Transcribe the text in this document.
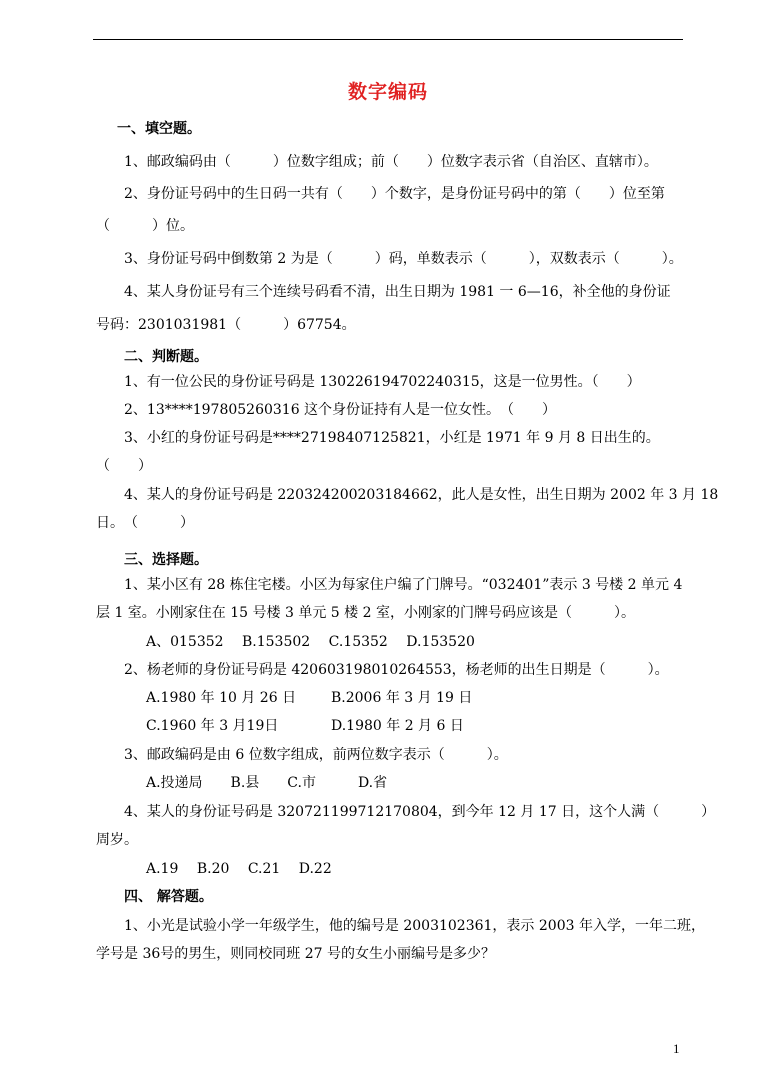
数字编码
一、填空题。
1、邮政编码由（　　　）位数字组成；前（　　）位数字表示省（自治区、直辖市）。
2、身份证号码中的生日码一共有（　　）个数字，是身份证号码中的第（　　）位至第
（　　　）位。
3、身份证号码中倒数第 2 为是（　　　）码，单数表示（　　　），双数表示（　　　）。
4、某人身份证号有三个连续号码看不清，出生日期为 1981 一 6—16，补全他的身份证
号码：2301031981（　　　）67754。
二、判断题。
1、有一位公民的身份证号码是 130226194702240315，这是一位男性。（　　）
2、13****197805260316 这个身份证持有人是一位女性。　（　　）
3、小红的身份证号码是****27198407125821，小红是 1971 年 9 月 8 日出生的。
（　　）
4、某人的身份证号码是 220324200203184662，此人是女性，出生日期为 2002 年 3 月 18
日。　（　　　）
三、选择题。
1、某小区有 28 栋住宅楼。小区为每家住户编了门牌号。“032401”表示 3 号楼 2 单元 4
层 1 室。小刚家住在 15 号楼 3 单元 5 楼 2 室，小刚家的门牌号码应该是（　　　）。
A、015352　 B.153502　 C.15352　 D.153520
2、杨老师的身份证号码是 420603198010264553，杨老师的出生日期是（　　　）。
A.1980 年 10 月 26 日 B.2006 年 3 月 19 日
C.1960 年 3 月19日	D.1980 年 2 月 6 日
3、邮政编码是由 6 位数字组成，前两位数字表示（　　　）。
A.投递局　　B.县　　C.市　　　D.省
4、某人的身份证号码是 320721199712170804，到今年 12 月 17 日，这个人满（　　　）
周岁。
A.19　 B.20　 C.21　 D.22
四、 解答题。
1、小光是试验小学一年级学生，他的编号是 2003102361，表示 2003 年入学，一年二班，
学号是 36号的男生，则同校同班 27 号的女生小丽编号是多少？
1
